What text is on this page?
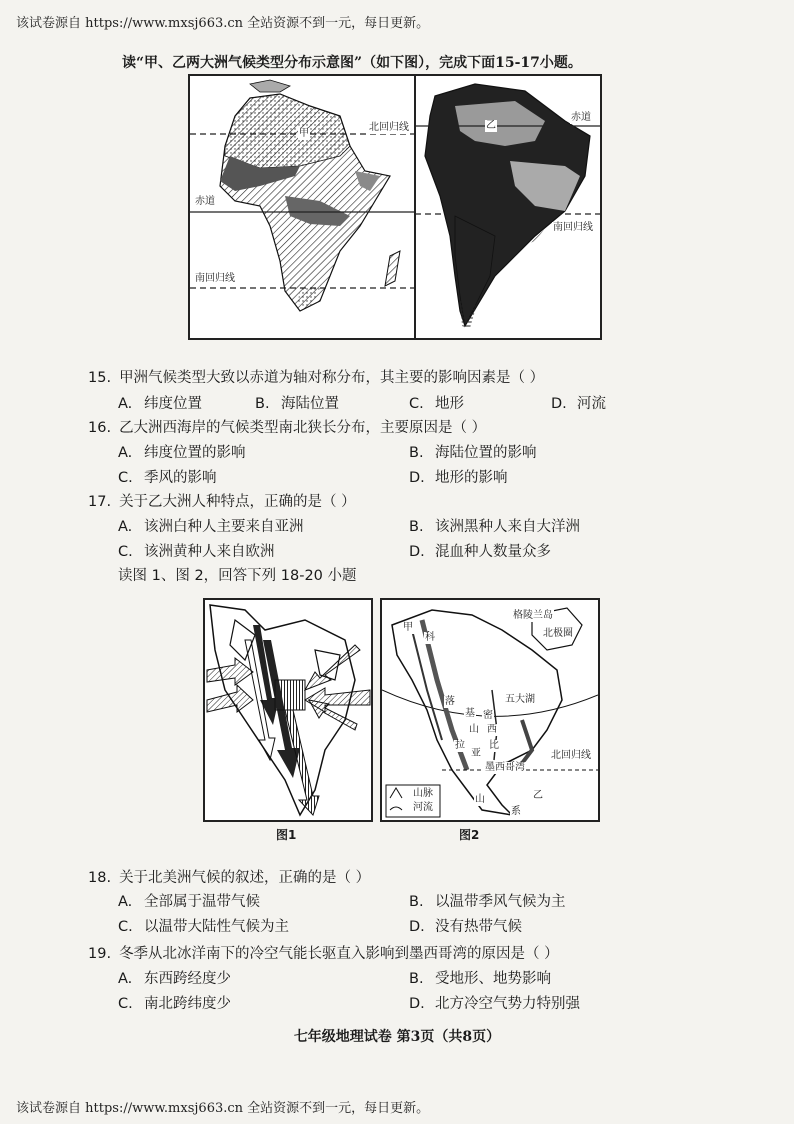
该试卷源自 https://www.mxsj663.cn 全站资源不到一元，每日更新。
读“甲、乙两大洲气候类型分布示意图”（如下图），完成下面15-17小题。
甲
乙
北回归线
赤道
南回归线
赤道
南回归线
15. 甲洲气候类型大致以赤道为轴对称分布，其主要的影响因素是（ ）
A. 纬度位置	B. 海陆位置	C. 地形	D. 河流
16. 乙大洲西海岸的气候类型南北狭长分布，主要原因是（ ）
A. 纬度位置的影响	B. 海陆位置的影响
C. 季风的影响	D. 地形的影响
17. 关于乙大洲人种特点，正确的是（ ）
A. 该洲白种人主要来自亚洲	B. 该洲黑种人来自大洋洲
C. 该洲黄种人来自欧洲	D. 混血种人数量众多
读图 1、图 2，回答下列 18-20 小题
图1
甲
科
格陵兰岛
北极圈
落
基
山
五大湖
密
西
拉
亚
比
墨西哥湾
北回归线
乙
山
系
山脉
河流
图2
18. 关于北美洲气候的叙述，正确的是（ ）
A. 全部属于温带气候	B. 以温带季风气候为主
C. 以温带大陆性气候为主	D. 没有热带气候
19. 冬季从北冰洋南下的冷空气能长驱直入影响到墨西哥湾的原因是（ ）
A. 东西跨经度少	B. 受地形、地势影响
C. 南北跨纬度少	D. 北方冷空气势力特别强
七年级地理试卷 第3页（共8页）
该试卷源自 https://www.mxsj663.cn 全站资源不到一元，每日更新。
